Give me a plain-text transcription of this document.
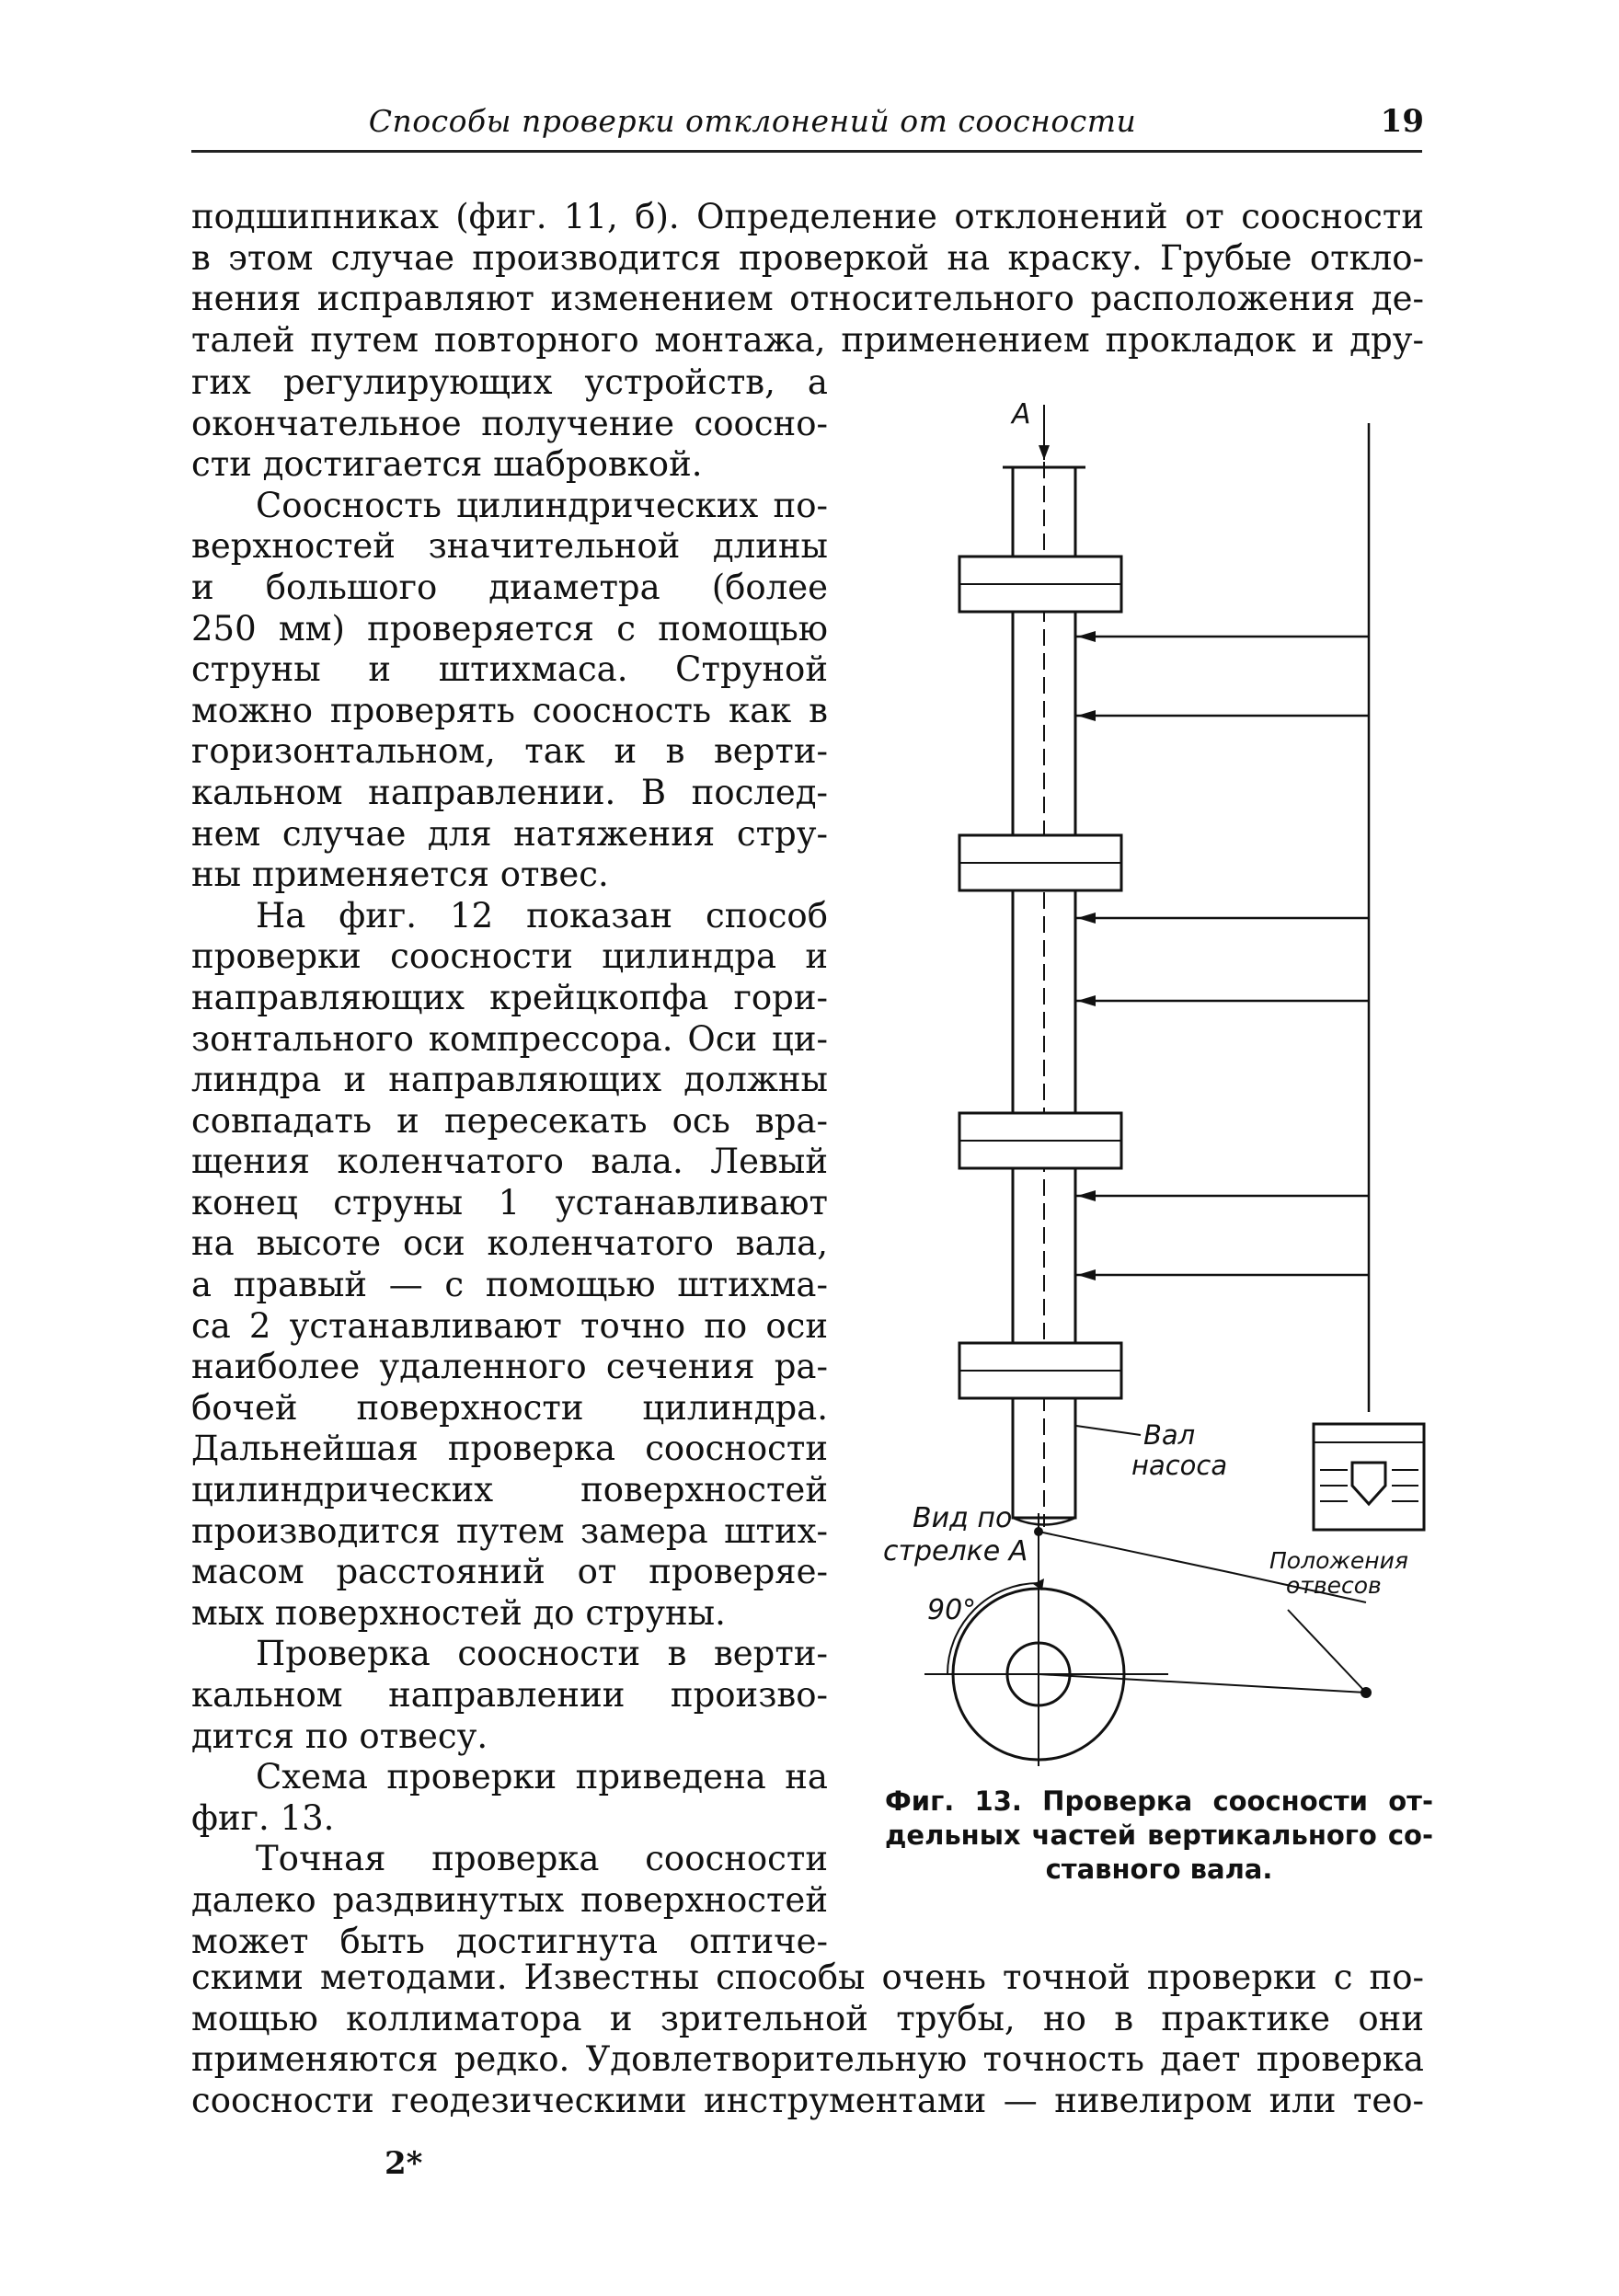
Способы проверки отклонений от соосности	19
подшипниках (фиг. 11, б). Определение отклонений от соосности
в этом случае производится проверкой на краску. Грубые откло-
нения исправляют изменением относительного расположения де-
талей путем повторного монтажа, применением прокладок и дру-
гих регулирующих устройств, а
окончательное получение соосно-
сти достигается шабровкой.
Соосность цилиндрических по-
верхностей значительной длины
и большого диаметра (более
250 мм) проверяется с помощью
струны и штихмаса. Струной
можно проверять соосность как в
горизонтальном, так и в верти-
кальном направлении. В послед-
нем случае для натяжения стру-
ны применяется отвес.
На фиг. 12 показан способ
проверки соосности цилиндра и
направляющих крейцкопфа гори-
зонтального компрессора. Оси ци-
линдра и направляющих должны
совпадать и пересекать ось вра-
щения коленчатого вала. Левый
конец струны 1 устанавливают
на высоте оси коленчатого вала,
а правый — с помощью штихма-
са 2 устанавливают точно по оси
наиболее удаленного сечения ра-
бочей поверхности цилиндра.
Дальнейшая проверка соосности
цилиндрических поверхностей
производится путем замера штих-
масом расстояний от проверяе-
мых поверхностей до струны.
Проверка соосности в верти-
кальном направлении произво-
дится по отвесу.
Схема проверки приведена на
фиг. 13.
Точная проверка соосности
далеко раздвинутых поверхностей
может быть достигнута оптиче-
A
Вал
насоса
Вид по
стрелке A
90°
Положения
отвесов
Фиг. 13. Проверка соосности от-
дельных частей вертикального со-
ставного вала.
скими методами. Известны способы очень точной проверки с по-
мощью коллиматора и зрительной трубы, но в практике они
применяются редко. Удовлетворительную точность дает проверка
соосности геодезическими инструментами — нивелиром или тео-
2*
